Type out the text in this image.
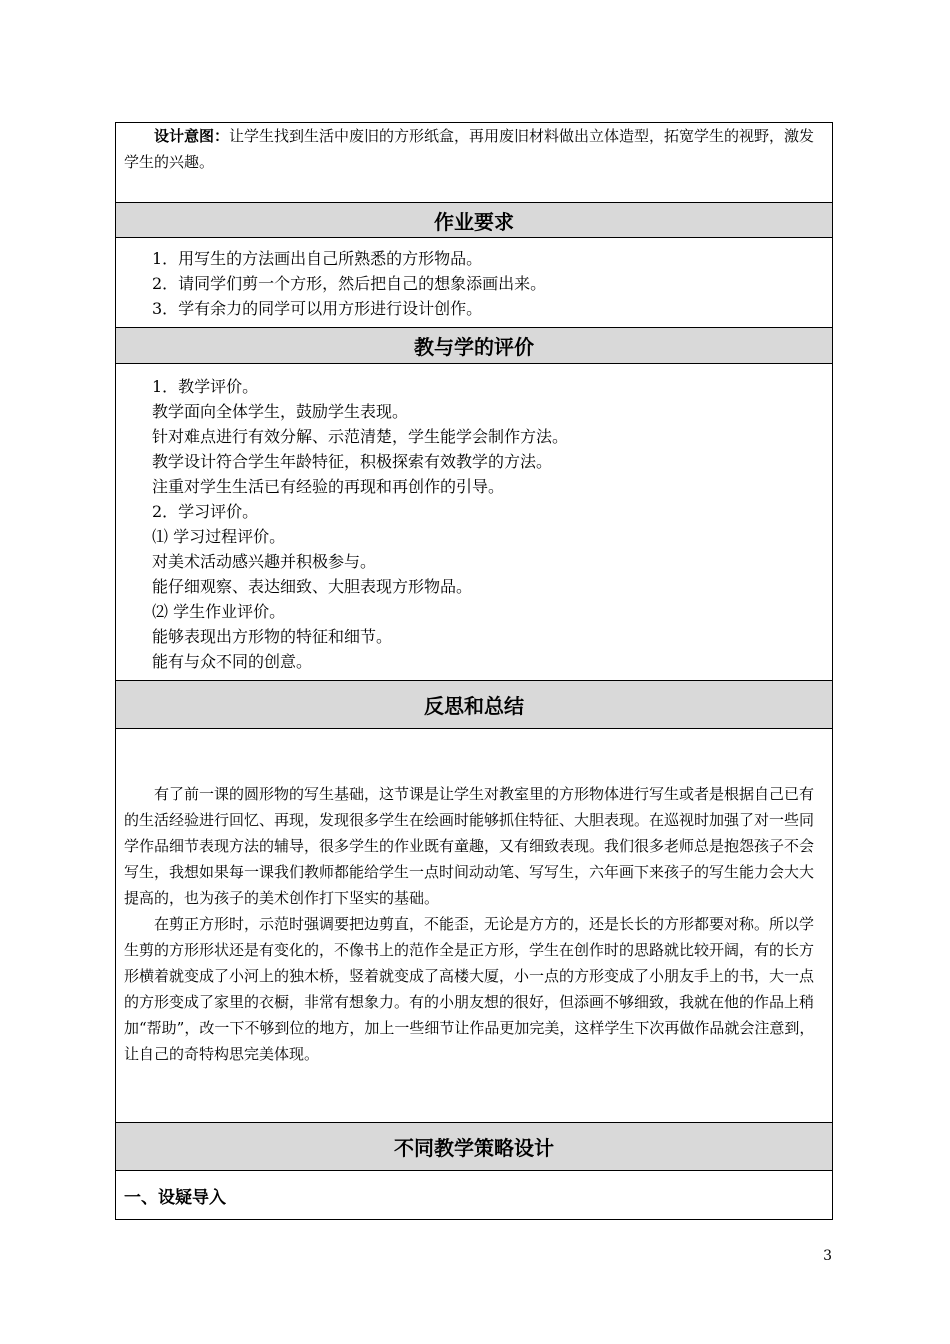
设计意图：让学生找到生活中废旧的方形纸盒，再用废旧材料做出立体造型，拓宽学生的视野，激发学生的兴趣。

作业要求

1．用写生的方法画出自己所熟悉的方形物品。

2．请同学们剪一个方形，然后把自己的想象添画出来。

3．学有余力的同学可以用方形进行设计创作。

教与学的评价

1．教学评价。

教学面向全体学生，鼓励学生表现。

针对难点进行有效分解、示范清楚，学生能学会制作方法。

教学设计符合学生年龄特征，积极探索有效教学的方法。

注重对学生生活已有经验的再现和再创作的引导。

2．学习评价。

⑴ 学习过程评价。

对美术活动感兴趣并积极参与。

能仔细观察、表达细致、大胆表现方形物品。

⑵ 学生作业评价。

能够表现出方形物的特征和细节。

能有与众不同的创意。

反思和总结

有了前一课的圆形物的写生基础，这节课是让学生对教室里的方形物体进行写生或者是根据自己已有的生活经验进行回忆、再现，发现很多学生在绘画时能够抓住特征、大胆表现。在巡视时加强了对一些同学作品细节表现方法的辅导，很多学生的作业既有童趣，又有细致表现。我们很多老师总是抱怨孩子不会写生，我想如果每一课我们教师都能给学生一点时间动动笔、写写生，六年画下来孩子的写生能力会大大提高的，也为孩子的美术创作打下坚实的基础。

在剪正方形时，示范时强调要把边剪直，不能歪，无论是方方的，还是长长的方形都要对称。所以学生剪的方形形状还是有变化的，不像书上的范作全是正方形，学生在创作时的思路就比较开阔，有的长方形横着就变成了小河上的独木桥，竖着就变成了高楼大厦，小一点的方形变成了小朋友手上的书，大一点的方形变成了家里的衣橱，非常有想象力。有的小朋友想的很好，但添画不够细致，我就在他的作品上稍加“帮助”，改一下不够到位的地方，加上一些细节让作品更加完美，这样学生下次再做作品就会注意到，让自己的奇特构思完美体现。

不同教学策略设计
一、设疑导入
3
